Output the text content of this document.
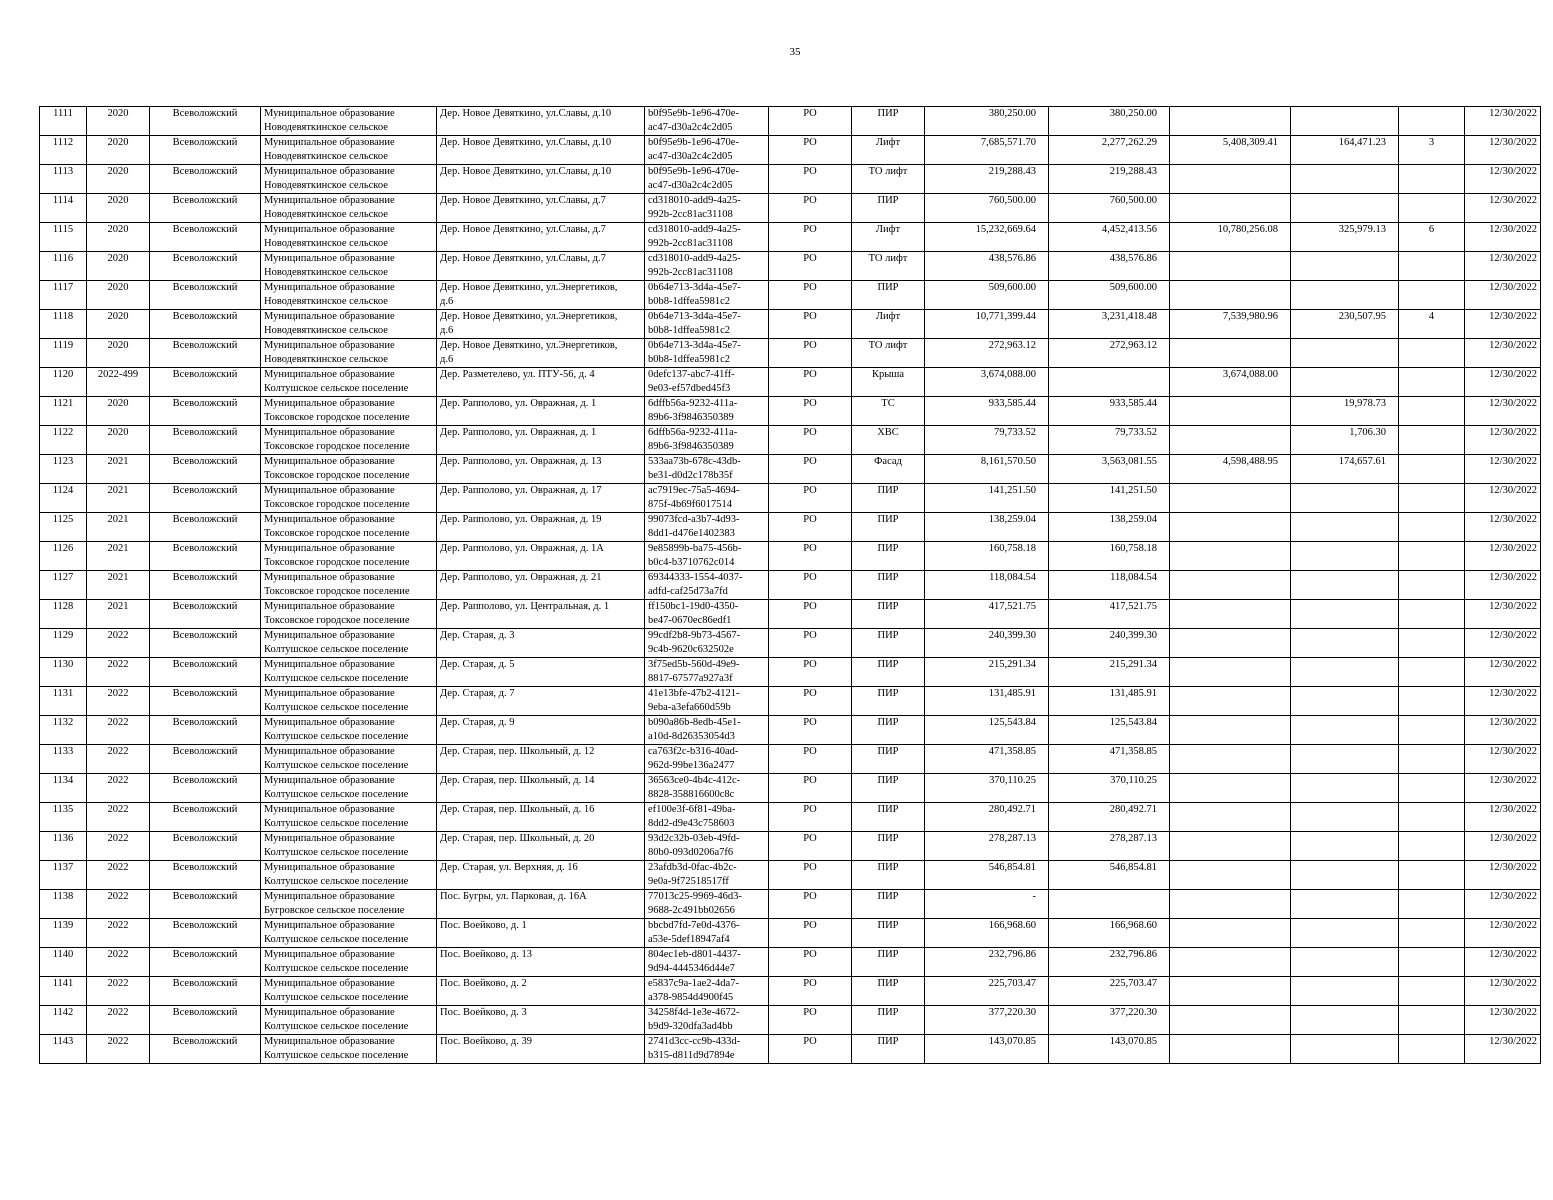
35
1111	2020	Всеволожский	Муниципальное образование
Новодевяткинское сельское	Дер. Новое Девяткино, ул.Славы, д.10	b0f95e9b-1e96-470e-
ac47-d30a2c4c2d05	РО	ПИР	380,250.00	380,250.00				12/30/2022
1112	2020	Всеволожский	Муниципальное образование
Новодевяткинское сельское	Дер. Новое Девяткино, ул.Славы, д.10	b0f95e9b-1e96-470e-
ac47-d30a2c4c2d05	РО	Лифт	7,685,571.70	2,277,262.29	5,408,309.41	164,471.23	3	12/30/2022
1113	2020	Всеволожский	Муниципальное образование
Новодевяткинское сельское	Дер. Новое Девяткино, ул.Славы, д.10	b0f95e9b-1e96-470e-
ac47-d30a2c4c2d05	РО	ТО лифт	219,288.43	219,288.43				12/30/2022
1114	2020	Всеволожский	Муниципальное образование
Новодевяткинское сельское	Дер. Новое Девяткино, ул.Славы, д.7	cd318010-add9-4a25-
992b-2cc81ac31108	РО	ПИР	760,500.00	760,500.00				12/30/2022
1115	2020	Всеволожский	Муниципальное образование
Новодевяткинское сельское	Дер. Новое Девяткино, ул.Славы, д.7	cd318010-add9-4a25-
992b-2cc81ac31108	РО	Лифт	15,232,669.64	4,452,413.56	10,780,256.08	325,979.13	6	12/30/2022
1116	2020	Всеволожский	Муниципальное образование
Новодевяткинское сельское	Дер. Новое Девяткино, ул.Славы, д.7	cd318010-add9-4a25-
992b-2cc81ac31108	РО	ТО лифт	438,576.86	438,576.86				12/30/2022
1117	2020	Всеволожский	Муниципальное образование
Новодевяткинское сельское	Дер. Новое Девяткино, ул.Энергетиков,
д.6	0b64e713-3d4a-45e7-
b0b8-1dffea5981c2	РО	ПИР	509,600.00	509,600.00				12/30/2022
1118	2020	Всеволожский	Муниципальное образование
Новодевяткинское сельское	Дер. Новое Девяткино, ул.Энергетиков,
д.6	0b64e713-3d4a-45e7-
b0b8-1dffea5981c2	РО	Лифт	10,771,399.44	3,231,418.48	7,539,980.96	230,507.95	4	12/30/2022
1119	2020	Всеволожский	Муниципальное образование
Новодевяткинское сельское	Дер. Новое Девяткино, ул.Энергетиков,
д.6	0b64e713-3d4a-45e7-
b0b8-1dffea5981c2	РО	ТО лифт	272,963.12	272,963.12				12/30/2022
1120	2022-499	Всеволожский	Муниципальное образование
Колтушское сельское поселение	Дер. Разметелево, ул. ПТУ-56, д. 4	0defc137-abc7-41ff-
9e03-ef57dbed45f3	РО	Крыша	3,674,088.00		3,674,088.00			12/30/2022
1121	2020	Всеволожский	Муниципальное образование
Токсовское городское поселение	Дер. Рапполово, ул. Овражная, д. 1	6dffb56a-9232-411a-
89b6-3f9846350389	РО	ТС	933,585.44	933,585.44		19,978.73		12/30/2022
1122	2020	Всеволожский	Муниципальное образование
Токсовское городское поселение	Дер. Рапполово, ул. Овражная, д. 1	6dffb56a-9232-411a-
89b6-3f9846350389	РО	ХВС	79,733.52	79,733.52		1,706.30		12/30/2022
1123	2021	Всеволожский	Муниципальное образование
Токсовское городское поселение	Дер. Рапполово, ул. Овражная, д. 13	533aa73b-678c-43db-
be31-d0d2c178b35f	РО	Фасад	8,161,570.50	3,563,081.55	4,598,488.95	174,657.61		12/30/2022
1124	2021	Всеволожский	Муниципальное образование
Токсовское городское поселение	Дер. Рапполово, ул. Овражная, д. 17	ac7919ec-75a5-4694-
875f-4b69f6017514	РО	ПИР	141,251.50	141,251.50				12/30/2022
1125	2021	Всеволожский	Муниципальное образование
Токсовское городское поселение	Дер. Рапполово, ул. Овражная, д. 19	99073fcd-a3b7-4d93-
8dd1-d476e1402383	РО	ПИР	138,259.04	138,259.04				12/30/2022
1126	2021	Всеволожский	Муниципальное образование
Токсовское городское поселение	Дер. Рапполово, ул. Овражная, д. 1А	9e85899b-ba75-456b-
b0c4-b3710762c014	РО	ПИР	160,758.18	160,758.18				12/30/2022
1127	2021	Всеволожский	Муниципальное образование
Токсовское городское поселение	Дер. Рапполово, ул. Овражная, д. 21	69344333-1554-4037-
adfd-caf25d73a7fd	РО	ПИР	118,084.54	118,084.54				12/30/2022
1128	2021	Всеволожский	Муниципальное образование
Токсовское городское поселение	Дер. Рапполово, ул. Центральная, д. 1	ff150bc1-19d0-4350-
be47-0670ec86edf1	РО	ПИР	417,521.75	417,521.75				12/30/2022
1129	2022	Всеволожский	Муниципальное образование
Колтушское сельское поселение	Дер. Старая, д. 3	99cdf2b8-9b73-4567-
9c4b-9620c632502e	РО	ПИР	240,399.30	240,399.30				12/30/2022
1130	2022	Всеволожский	Муниципальное образование
Колтушское сельское поселение	Дер. Старая, д. 5	3f75ed5b-560d-49e9-
8817-67577a927a3f	РО	ПИР	215,291.34	215,291.34				12/30/2022
1131	2022	Всеволожский	Муниципальное образование
Колтушское сельское поселение	Дер. Старая, д. 7	41e13bfe-47b2-4121-
9eba-a3efa660d59b	РО	ПИР	131,485.91	131,485.91				12/30/2022
1132	2022	Всеволожский	Муниципальное образование
Колтушское сельское поселение	Дер. Старая, д. 9	b090a86b-8edb-45e1-
a10d-8d26353054d3	РО	ПИР	125,543.84	125,543.84				12/30/2022
1133	2022	Всеволожский	Муниципальное образование
Колтушское сельское поселение	Дер. Старая, пер. Школьный, д. 12	ca763f2c-b316-40ad-
962d-99be136a2477	РО	ПИР	471,358.85	471,358.85				12/30/2022
1134	2022	Всеволожский	Муниципальное образование
Колтушское сельское поселение	Дер. Старая, пер. Школьный, д. 14	36563ce0-4b4c-412c-
8828-358816600c8c	РО	ПИР	370,110.25	370,110.25				12/30/2022
1135	2022	Всеволожский	Муниципальное образование
Колтушское сельское поселение	Дер. Старая, пер. Школьный, д. 16	ef100e3f-6f81-49ba-
8dd2-d9e43c758603	РО	ПИР	280,492.71	280,492.71				12/30/2022
1136	2022	Всеволожский	Муниципальное образование
Колтушское сельское поселение	Дер. Старая, пер. Школьный, д. 20	93d2c32b-03eb-49fd-
80b0-093d0206a7f6	РО	ПИР	278,287.13	278,287.13				12/30/2022
1137	2022	Всеволожский	Муниципальное образование
Колтушское сельское поселение	Дер. Старая, ул. Верхняя, д. 16	23afdb3d-0fac-4b2c-
9e0a-9f72518517ff	РО	ПИР	546,854.81	546,854.81				12/30/2022
1138	2022	Всеволожский	Муниципальное образование
Бугровское сельское поселение	Пос. Бугры, ул. Парковая, д. 16А	77013c25-9969-46d3-
9688-2c491bb02656	РО	ПИР	-					12/30/2022
1139	2022	Всеволожский	Муниципальное образование
Колтушское сельское поселение	Пос. Воейково, д. 1	bbcbd7fd-7e0d-4376-
a53e-5def18947af4	РО	ПИР	166,968.60	166,968.60				12/30/2022
1140	2022	Всеволожский	Муниципальное образование
Колтушское сельское поселение	Пос. Воейково, д. 13	804ec1eb-d801-4437-
9d94-4445346d44e7	РО	ПИР	232,796.86	232,796.86				12/30/2022
1141	2022	Всеволожский	Муниципальное образование
Колтушское сельское поселение	Пос. Воейково, д. 2	e5837c9a-1ae2-4da7-
a378-9854d4900f45	РО	ПИР	225,703.47	225,703.47				12/30/2022
1142	2022	Всеволожский	Муниципальное образование
Колтушское сельское поселение	Пос. Воейково, д. 3	34258f4d-1e3e-4672-
b9d9-320dfa3ad4bb	РО	ПИР	377,220.30	377,220.30				12/30/2022
1143	2022	Всеволожский	Муниципальное образование
Колтушское сельское поселение	Пос. Воейково, д. 39	2741d3cc-cc9b-433d-
b315-d811d9d7894e	РО	ПИР	143,070.85	143,070.85				12/30/2022
